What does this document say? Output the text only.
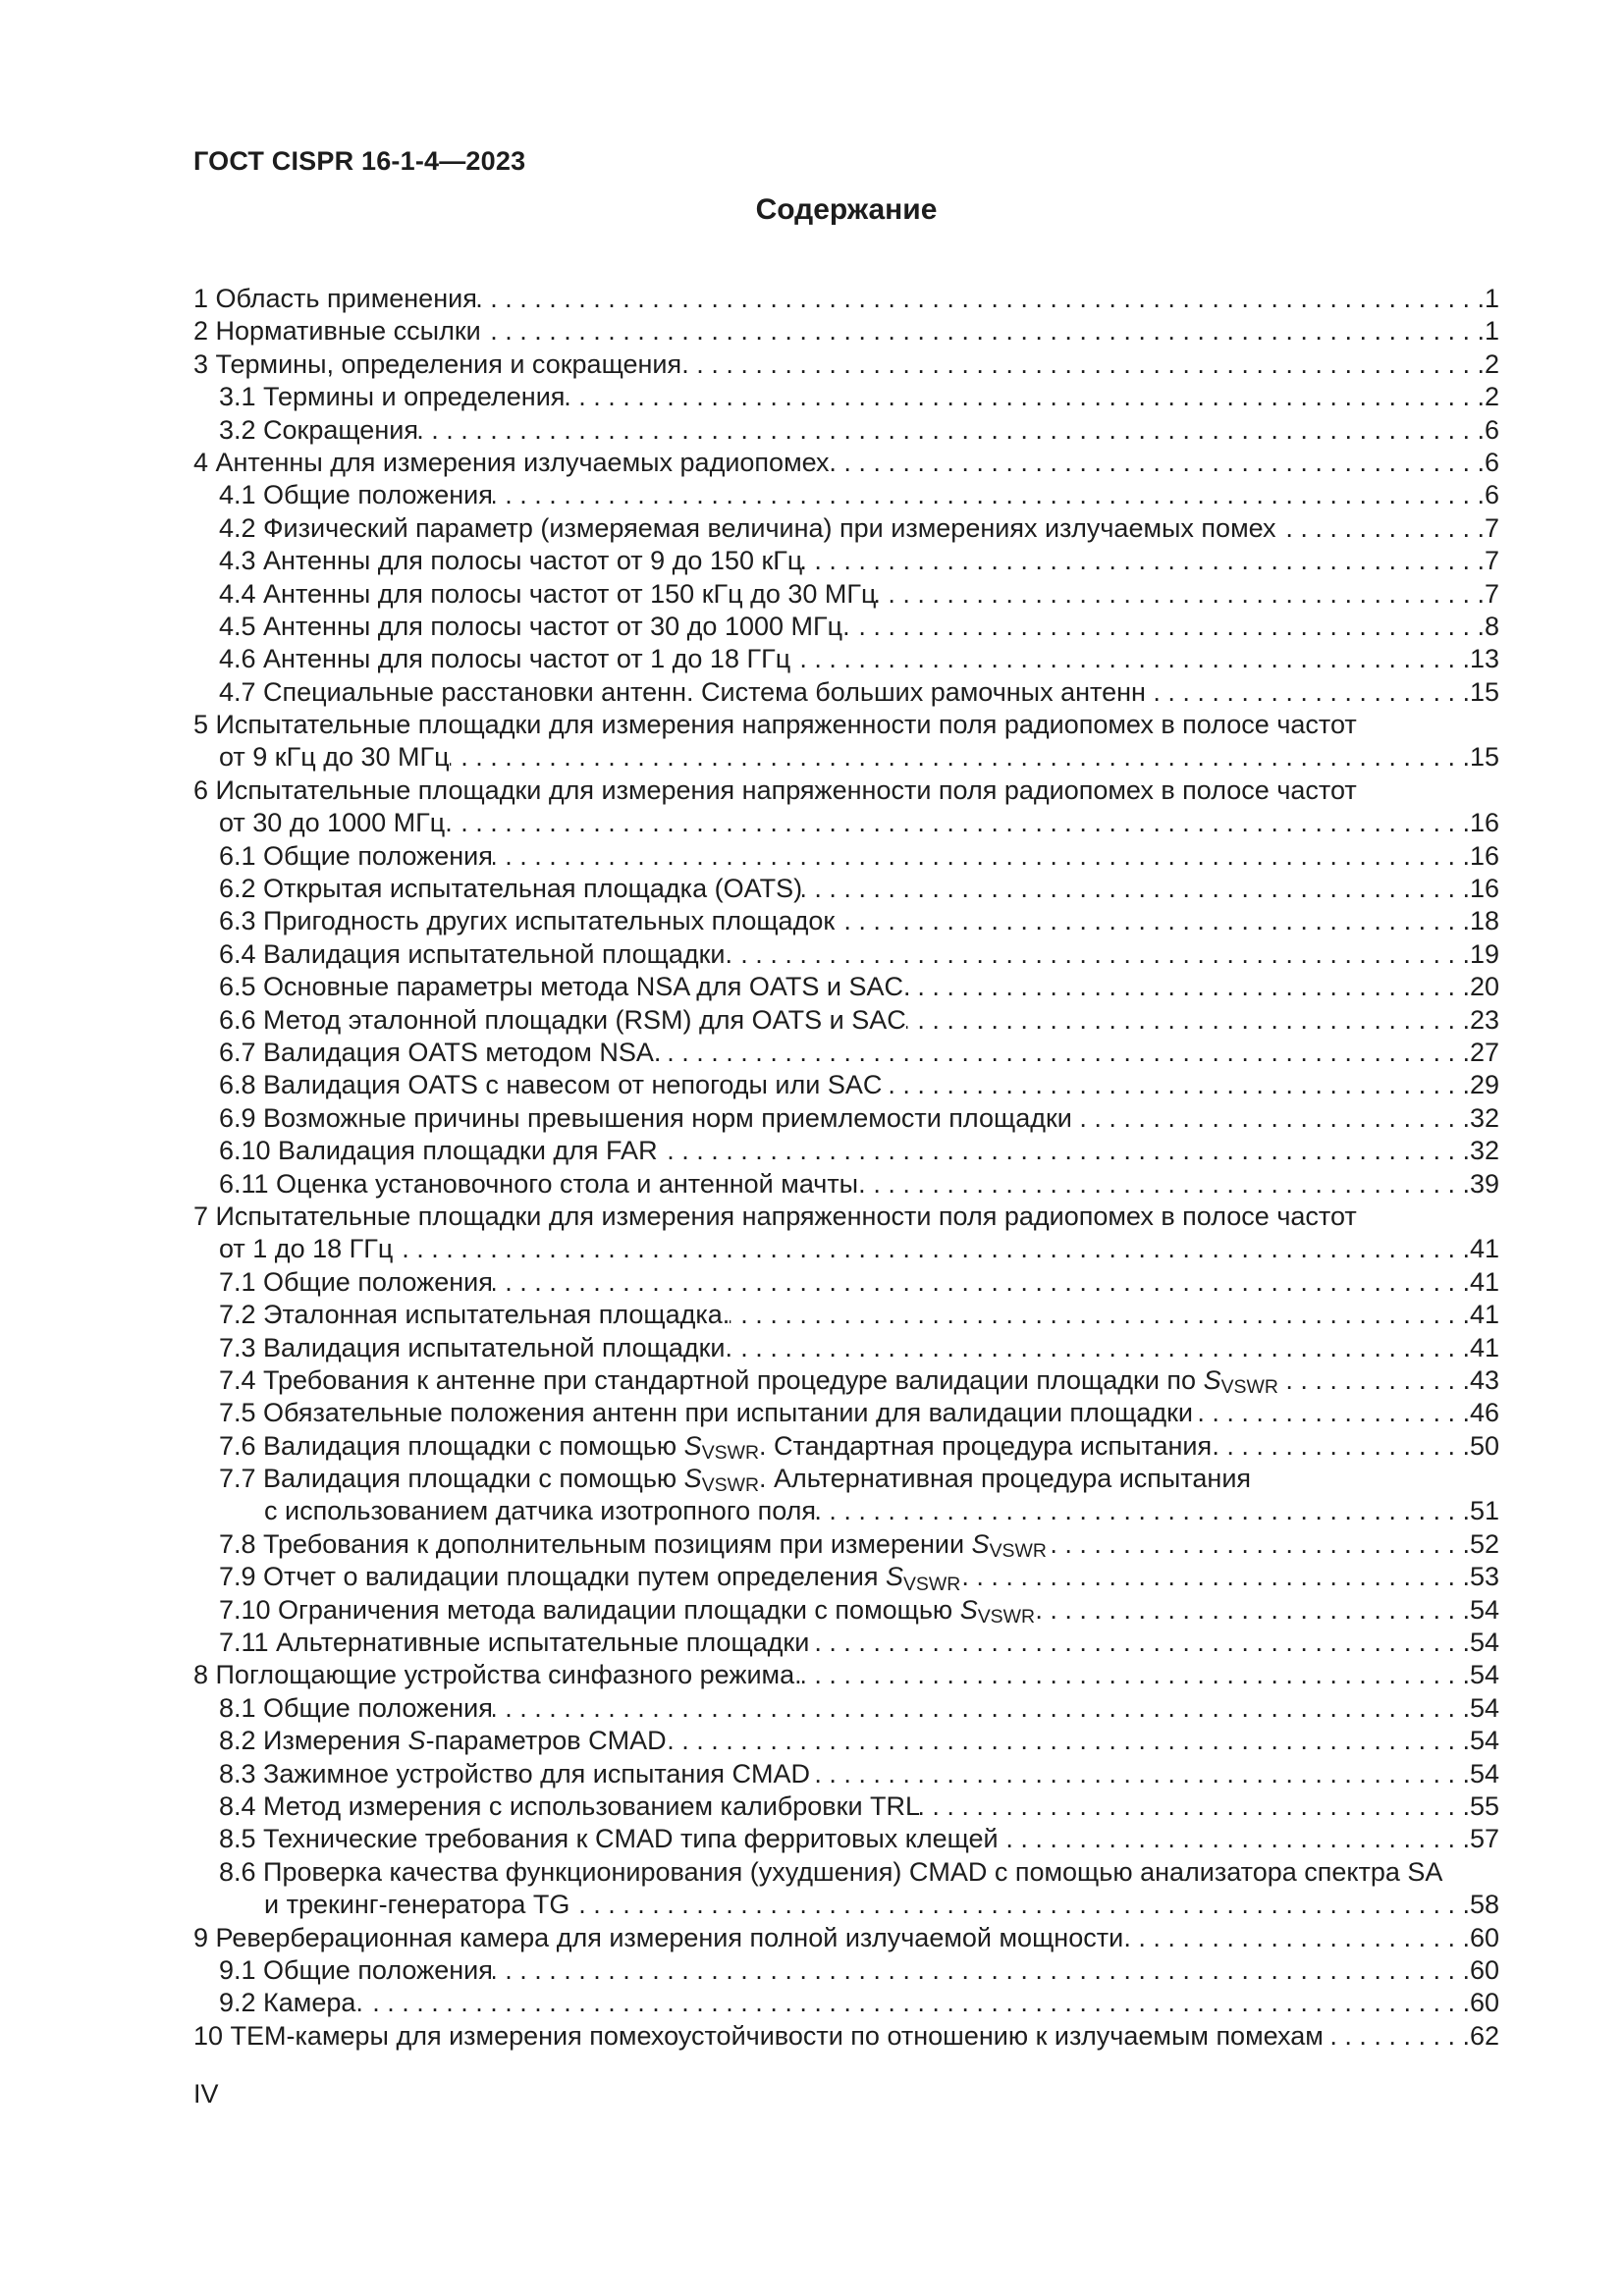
ГОСТ CISPR 16-1-4—2023
Содержание
1 Область применения . . .	1
2 Нормативные ссылки . . .	1
3 Термины, определения и сокращения . . .	2
3.1 Термины и определения . . .	2
3.2 Сокращения . . .	6
4 Антенны для измерения излучаемых радиопомех . . .	6
4.1 Общие положения . . .	6
4.2 Физический параметр (измеряемая величина) при измерениях излучаемых помех . . .	7
4.3 Антенны для полосы частот от 9 до 150 кГц . . .	7
4.4 Антенны для полосы частот от 150 кГц до 30 МГц . . .	7
4.5 Антенны для полосы частот от 30 до 1000 МГц. . . .	8
4.6 Антенны для полосы частот от 1 до 18 ГГц . . .	13
4.7 Специальные расстановки антенн. Система больших рамочных антенн . . .	15
5 Испытательные площадки для измерения напряженности поля радиопомех в полосе частот
от 9 кГц до 30 МГц . . .	15
6 Испытательные площадки для измерения напряженности поля радиопомех в полосе частот
от 30 до 1000 МГц. . . .	16
6.1 Общие положения . . .	16
6.2 Открытая испытательная площадка (OATS) . . .	16
6.3 Пригодность других испытательных площадок . . .	18
6.4 Валидация испытательной площадки. . . .	19
6.5 Основные параметры метода NSA для OATS и SAC. . . .	20
6.6 Метод эталонной площадки (RSM) для OATS и SAC . . .	23
6.7 Валидация OATS методом NSA. . . .	27
6.8 Валидация OATS с навесом от непогоды или SAC . . .	29
6.9 Возможные причины превышения норм приемлемости площадки . . .	32
6.10 Валидация площадки для FAR . . .	32
6.11 Оценка установочного стола и антенной мачты. . . .	39
7 Испытательные площадки для измерения напряженности поля радиопомех в полосе частот
от 1 до 18 ГГц . . .	41
7.1 Общие положения . . .	41
7.2 Эталонная испытательная площадка. . . .	41
7.3 Валидация испытательной площадки. . . .	41
7.4 Требования к антенне при стандартной процедуре валидации площадки по $S_{VSWR}$ . . .	43
7.5 Обязательные положения антенн при испытании для валидации площадки . . .	46
7.6 Валидация площадки с помощью $S_{VSWR}$. Стандартная процедура испытания . . .	50
7.7 Валидация площадки с помощью $S_{VSWR}$. Альтернативная процедура испытания
с использованием датчика изотропного поля . . .	51
7.8 Требования к дополнительным позициям при измерении $S_{VSWR}$ . . .	52
7.9 Отчет о валидации площадки путем определения $S_{VSWR}$ . . .	53
7.10 Ограничения метода валидации площадки с помощью $S_{VSWR}$ . . .	54
7.11 Альтернативные испытательные площадки . . .	54
8 Поглощающие устройства синфазного режима. . . .	54
8.1 Общие положения . . .	54
8.2 Измерения S-параметров CMAD . . .	54
8.3 Зажимное устройство для испытания CMAD . . .	54
8.4 Метод измерения с использованием калибровки TRL . . .	55
8.5 Технические требования к CMAD типа ферритовых клещей . . .	57
8.6 Проверка качества функционирования (ухудшения) CMAD с помощью анализатора спектра SA
и трекинг-генератора TG . . .	58
9 Реверберационная камера для измерения полной излучаемой мощности . . .	60
9.1 Общие положения . . .	60
9.2 Камера. . . .	60
10 ТЕМ-камеры для измерения помехоустойчивости по отношению к излучаемым помехам . . .	62
IV
